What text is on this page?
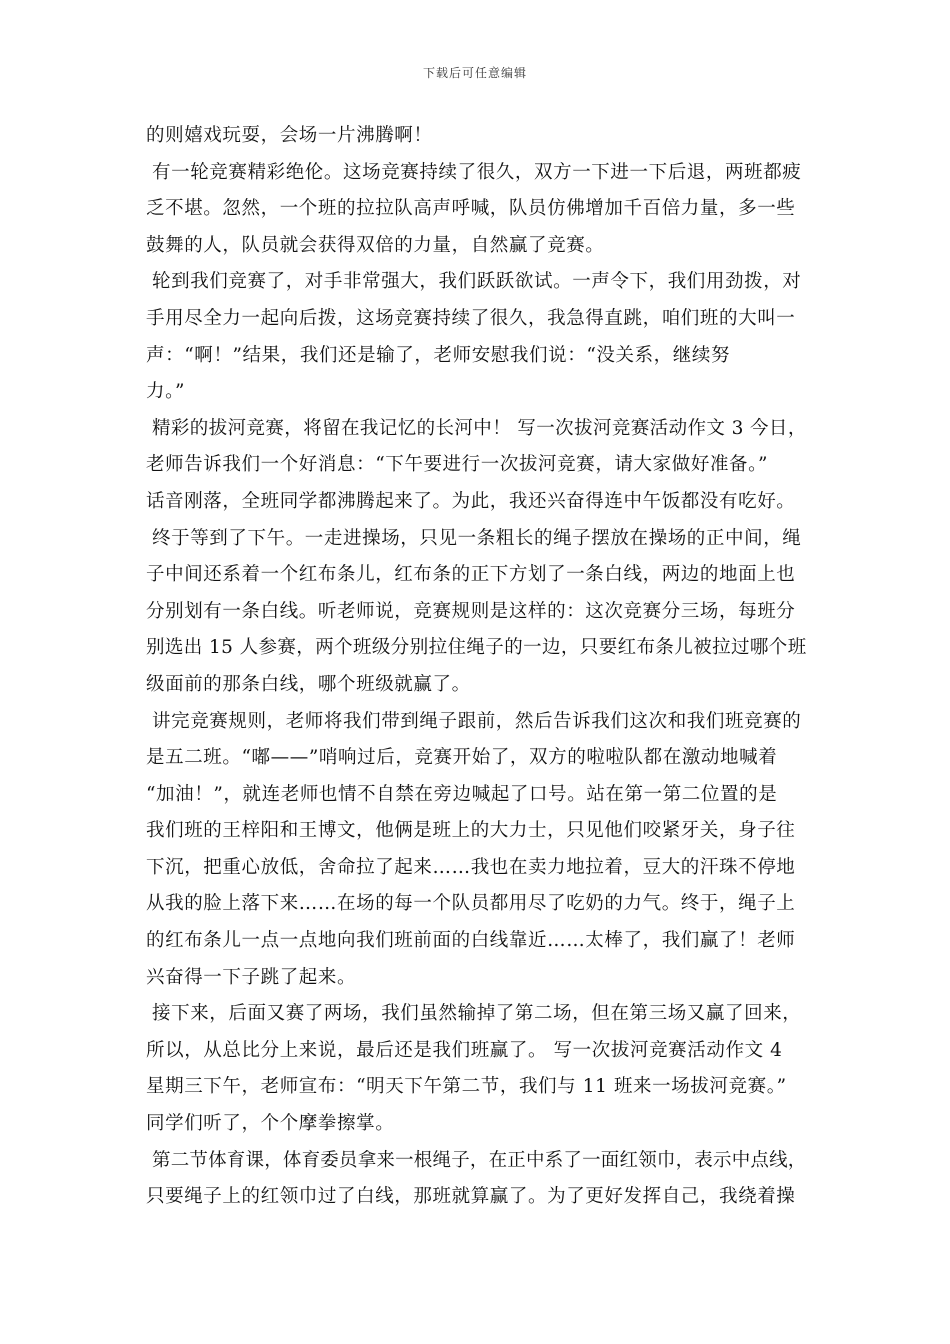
下载后可任意编辑
的则嬉戏玩耍，会场一片沸腾啊！
有一轮竞赛精彩绝伦。这场竞赛持续了很久，双方一下进一下后退，两班都疲
乏不堪。忽然，一个班的拉拉队高声呼喊，队员仿佛增加千百倍力量，多一些
鼓舞的人，队员就会获得双倍的力量，自然赢了竞赛。
轮到我们竞赛了，对手非常强大，我们跃跃欲试。一声令下，我们用劲拨，对
手用尽全力一起向后拨，这场竞赛持续了很久，我急得直跳，咱们班的大叫一
声：“啊！”结果，我们还是输了，老师安慰我们说：“没关系，继续努
力。”
精彩的拔河竞赛，将留在我记忆的长河中！ 写一次拔河竞赛活动作文 3 今日，
老师告诉我们一个好消息：“下午要进行一次拔河竞赛，请大家做好准备。”
话音刚落，全班同学都沸腾起来了。为此，我还兴奋得连中午饭都没有吃好。
终于等到了下午。一走进操场，只见一条粗长的绳子摆放在操场的正中间，绳
子中间还系着一个红布条儿，红布条的正下方划了一条白线，两边的地面上也
分别划有一条白线。听老师说，竞赛规则是这样的：这次竞赛分三场，每班分
别选出 15 人参赛，两个班级分别拉住绳子的一边，只要红布条儿被拉过哪个班
级面前的那条白线，哪个班级就赢了。
讲完竞赛规则，老师将我们带到绳子跟前，然后告诉我们这次和我们班竞赛的
是五二班。“嘟——”哨响过后，竞赛开始了，双方的啦啦队都在激动地喊着
“加油！”，就连老师也情不自禁在旁边喊起了口号。站在第一第二位置的是
我们班的王梓阳和王博文，他俩是班上的大力士，只见他们咬紧牙关，身子往
下沉，把重心放低，舍命拉了起来……我也在卖力地拉着，豆大的汗珠不停地
从我的脸上落下来……在场的每一个队员都用尽了吃奶的力气。终于，绳子上
的红布条儿一点一点地向我们班前面的白线靠近……太棒了，我们赢了！老师
兴奋得一下子跳了起来。
接下来，后面又赛了两场，我们虽然输掉了第二场，但在第三场又赢了回来，
所以，从总比分上来说，最后还是我们班赢了。 写一次拔河竞赛活动作文 4
星期三下午，老师宣布：“明天下午第二节，我们与 11 班来一场拔河竞赛。”
同学们听了，个个摩拳擦掌。
第二节体育课，体育委员拿来一根绳子，在正中系了一面红领巾，表示中点线，
只要绳子上的红领巾过了白线，那班就算赢了。为了更好发挥自己，我绕着操
